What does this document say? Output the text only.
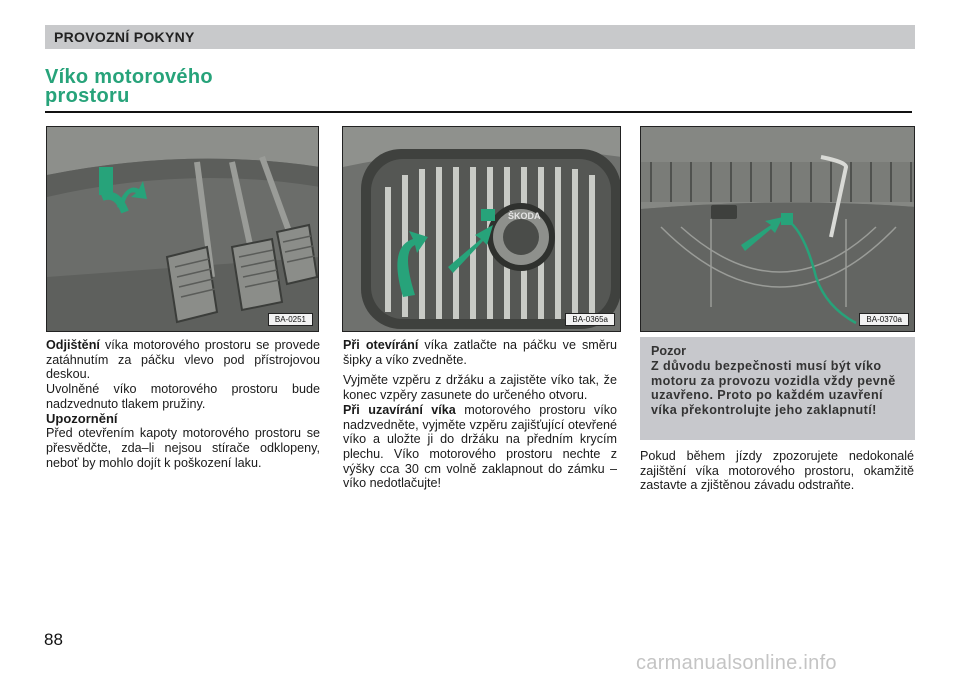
PROVOZNÍ POKYNY
Víko motorového
prostoru
BA-0251
ŠKODA
BA-0365a	BA-0370a

Odjištění víka motorového prostoru se provede zatáhnutím za páčku vlevo pod přístrojovou deskou.

Uvolněné víko motorového prostoru bude nadzvednuto tlakem pružiny.

Upozornění

Před otevřením kapoty motorového prostoru se přesvědčte, zda–li nejsou stírače odklopeny, neboť by mohlo dojít k poškození laku.

Při otevírání víka zatlačte na páčku ve směru šipky a víko zvedněte.

Vyjměte vzpěru z držáku a zajistěte víko tak, že konec vzpěry zasunete do určeného otvoru.

Při uzavírání víka motorového prostoru víko nadzvedněte, vyjměte vzpěru zajišťující otevřené víko a uložte ji do držáku na předním krycím plechu. Víko motorového prostoru nechte z výšky cca 30 cm volně zaklapnout do zámku – víko nedotlačujte!

Pozor
Z důvodu bezpečnosti musí být víko motoru za provozu vozidla vždy pevně uzavřeno. Proto po každém uzavření víka překontrolujte jeho zaklapnutí!

Pokud během jízdy zpozorujete nedokonalé zajištění víka motorového prostoru, okamžitě zastavte a zjištěnou závadu odstraňte.

88
carmanualsonline.info
